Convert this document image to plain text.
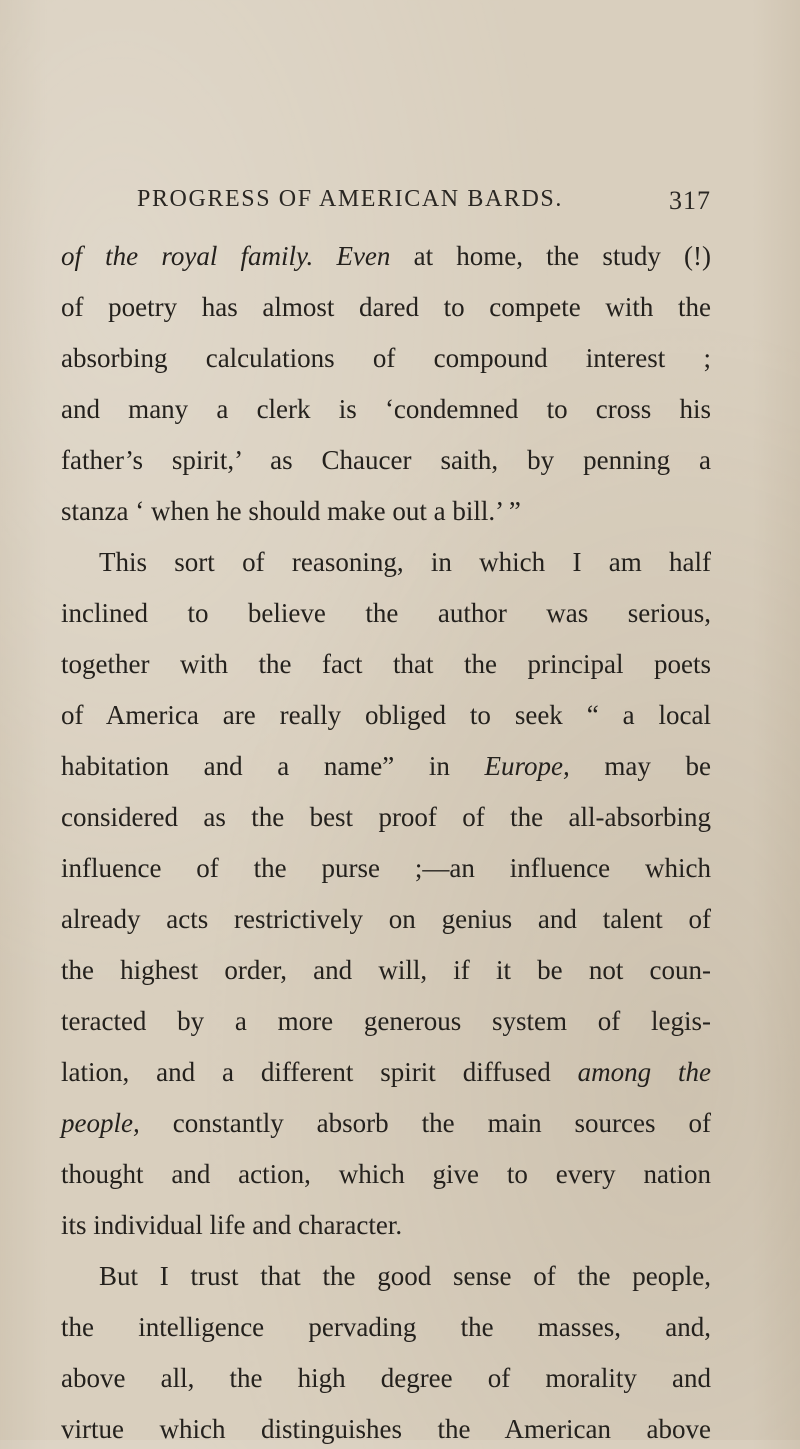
PROGRESS OF AMERICAN BARDS.	317
of the royal family. Even at home, the study (!)
of poetry has almost dared to compete with the
absorbing calculations of compound interest ;
and many a clerk is ‘condemned to cross his
father’s spirit,’ as Chaucer saith, by penning a
stanza ‘ when he should make out a bill.’ ”
This sort of reasoning, in which I am half
inclined to believe the author was serious,
together with the fact that the principal poets
of America are really obliged to seek “ a local
habitation and a name” in Europe, may be
considered as the best proof of the all-absorbing
influence of the purse ;—an influence which
already acts restrictively on genius and talent of
the highest order, and will, if it be not coun-
teracted by a more generous system of legis-
lation, and a different spirit diffused among the
people, constantly absorb the main sources of
thought and action, which give to every nation
its individual life and character.
But I trust that the good sense of the people,
the intelligence pervading the masses, and,
above all, the high degree of morality and
virtue which distinguishes the American above
